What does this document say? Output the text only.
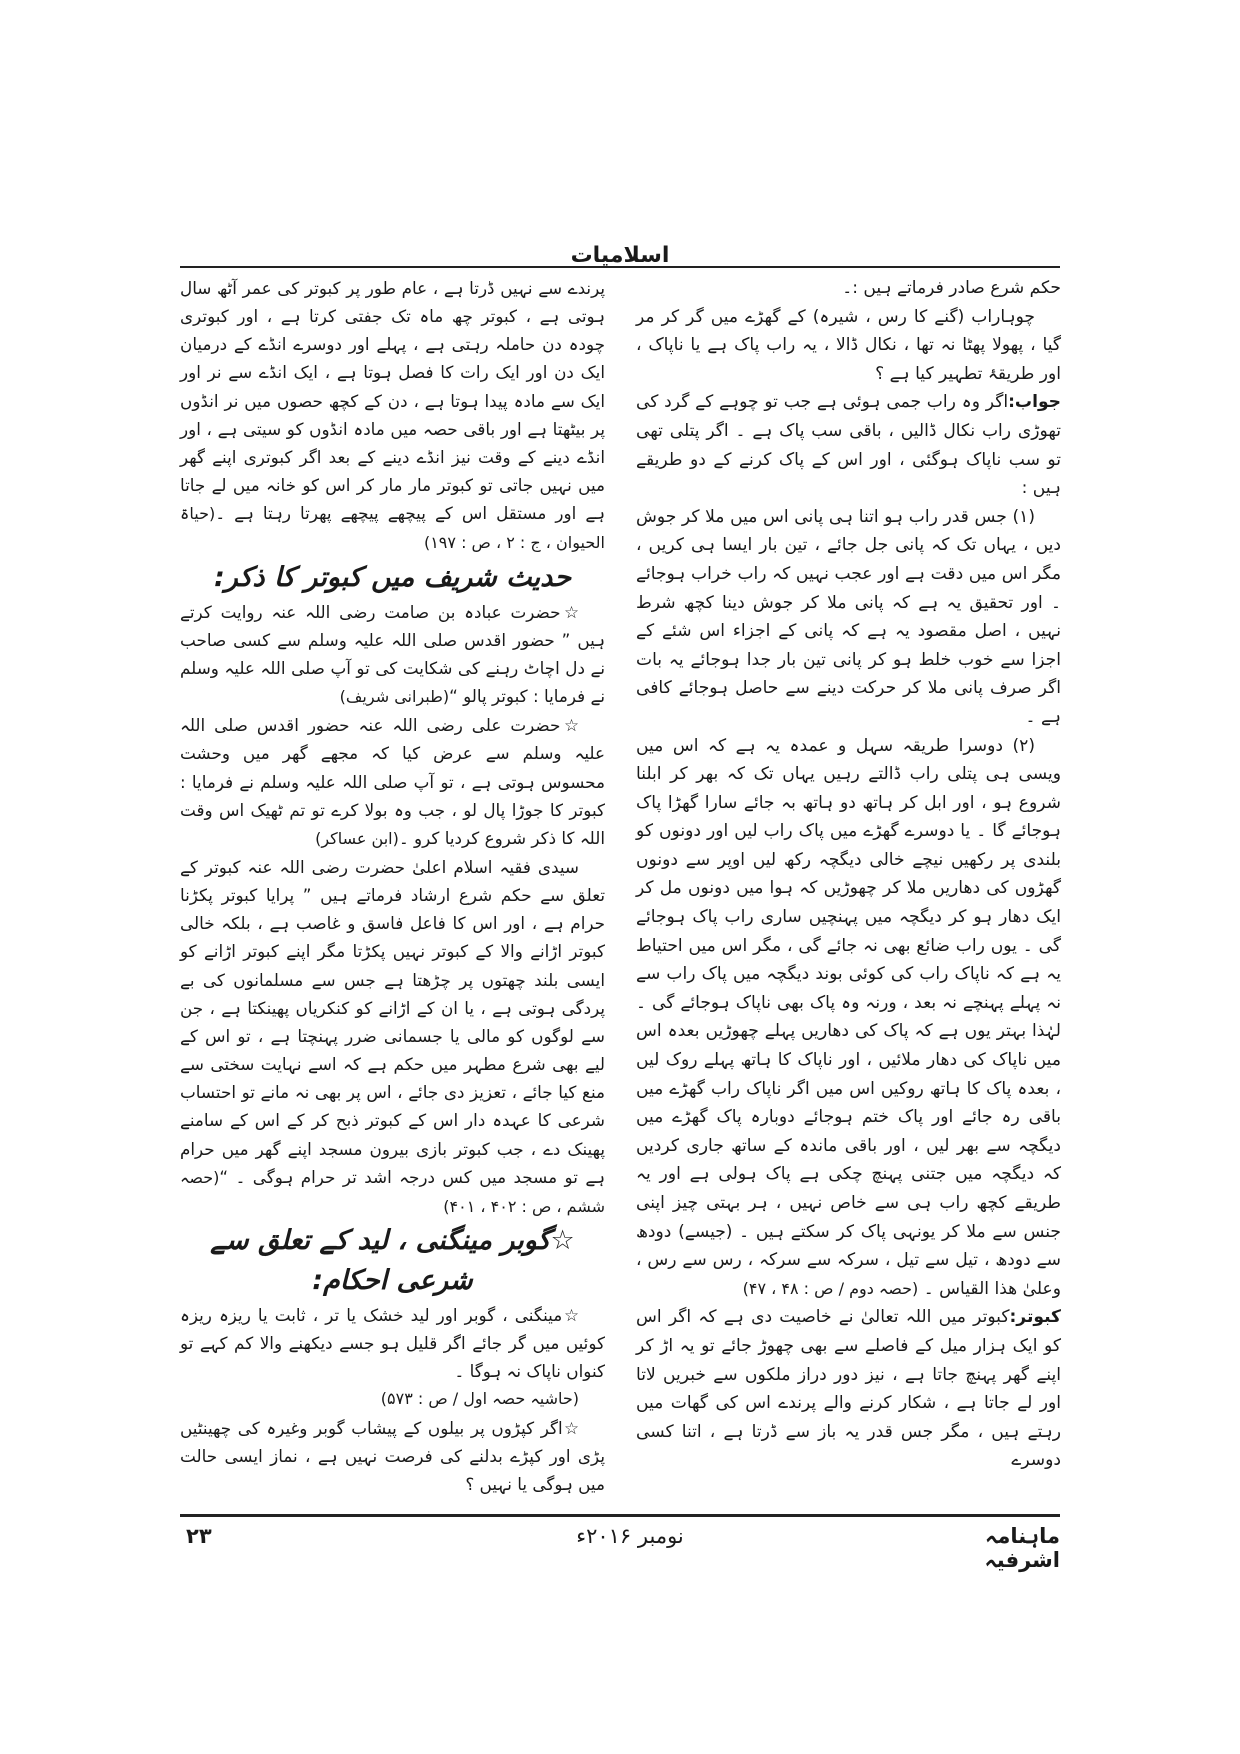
اسلامیات

حکم شرع صادر فرماتے ہیں :۔

چوہاراب (گنے کا رس ، شیرہ) کے گھڑے میں گر کر مر گیا ، پھولا پھٹا نہ تھا ، نکال ڈالا ، یہ راب پاک ہے یا ناپاک ، اور طریقۂ تطہیر کیا ہے ؟

جواب:اگر وہ راب جمی ہوئی ہے جب تو چوہے کے گرد کی تھوڑی راب نکال ڈالیں ، باقی سب پاک ہے ۔ اگر پتلی تھی تو سب ناپاک ہوگئی ، اور اس کے پاک کرنے کے دو طریقے ہیں :

(۱) جس قدر راب ہو اتنا ہی پانی اس میں ملا کر جوش دیں ، یہاں تک کہ پانی جل جائے ، تین بار ایسا ہی کریں ، مگر اس میں دقت ہے اور عجب نہیں کہ راب خراب ہوجائے ۔ اور تحقیق یہ ہے کہ پانی ملا کر جوش دینا کچھ شرط نہیں ، اصل مقصود یہ ہے کہ پانی کے اجزاء اس شئے کے اجزا سے خوب خلط ہو کر پانی تین بار جدا ہوجائے یہ بات اگر صرف پانی ملا کر حرکت دینے سے حاصل ہوجائے کافی ہے ۔

(۲) دوسرا طریقہ سہل و عمدہ یہ ہے کہ اس میں ویسی ہی پتلی راب ڈالتے رہیں یہاں تک کہ بھر کر ابلنا شروع ہو ، اور ابل کر ہاتھ دو ہاتھ بہ جائے سارا گھڑا پاک ہوجائے گا ۔ یا دوسرے گھڑے میں پاک راب لیں اور دونوں کو بلندی پر رکھیں نیچے خالی دیگچہ رکھ لیں اوپر سے دونوں گھڑوں کی دھاریں ملا کر چھوڑیں کہ ہوا میں دونوں مل کر ایک دھار ہو کر دیگچہ میں پہنچیں ساری راب پاک ہوجائے گی ۔ یوں راب ضائع بھی نہ جائے گی ، مگر اس میں احتیاط یہ ہے کہ ناپاک راب کی کوئی بوند دیگچہ میں پاک راب سے نہ پہلے پہنچے نہ بعد ، ورنہ وہ پاک بھی ناپاک ہوجائے گی ۔ لہٰذا بہتر یوں ہے کہ پاک کی دھاریں پہلے چھوڑیں بعدہ اس میں ناپاک کی دھار ملائیں ، اور ناپاک کا ہاتھ پہلے روک لیں ، بعدہ پاک کا ہاتھ روکیں اس میں اگر ناپاک راب گھڑے میں باقی رہ جائے اور پاک ختم ہوجائے دوبارہ پاک گھڑے میں دیگچہ سے بھر لیں ، اور باقی ماندہ کے ساتھ جاری کردیں کہ دیگچہ میں جتنی پہنچ چکی ہے پاک ہولی ہے اور یہ طریقے کچھ راب ہی سے خاص نہیں ، ہر بہتی چیز اپنی جنس سے ملا کر یونہی پاک کر سکتے ہیں ۔ (جیسے) دودھ سے دودھ ، تیل سے تیل ، سرکہ سے سرکہ ، رس سے رس ، وعلیٰ ھذا القیاس ۔ (حصہ دوم / ص : ۴۸ ، ۴۷)

کبوتر:کبوتر میں اللہ تعالیٰ نے خاصیت دی ہے کہ اگر اس کو ایک ہزار میل کے فاصلے سے بھی چھوڑ جائے تو یہ اڑ کر اپنے گھر پہنچ جاتا ہے ، نیز دور دراز ملکوں سے خبریں لاتا اور لے جاتا ہے ، شکار کرنے والے پرندے اس کی گھات میں رہتے ہیں ، مگر جس قدر یہ باز سے ڈرتا ہے ، اتنا کسی دوسرے

پرندے سے نہیں ڈرتا ہے ، عام طور پر کبوتر کی عمر آٹھ سال ہوتی ہے ، کبوتر چھ ماہ تک جفتی کرتا ہے ، اور کبوتری چودہ دن حاملہ رہتی ہے ، پہلے اور دوسرے انڈے کے درمیان ایک دن اور ایک رات کا فصل ہوتا ہے ، ایک انڈے سے نر اور ایک سے مادہ پیدا ہوتا ہے ، دن کے کچھ حصوں میں نر انڈوں پر بیٹھتا ہے اور باقی حصہ میں مادہ انڈوں کو سیتی ہے ، اور انڈے دینے کے وقت نیز انڈے دینے کے بعد اگر کبوتری اپنے گھر میں نہیں جاتی تو کبوتر مار مار کر اس کو خانہ میں لے جاتا ہے اور مستقل اس کے پیچھے پیچھے پھرتا رہتا ہے ۔(حیاۃ الحیوان ، ج : ۲ ، ص : ۱۹۷)

حدیث شریف میں کبوتر کا ذکر:

☆حضرت عبادہ بن صامت رضی اللہ عنہ روایت کرتے ہیں ” حضور اقدس صلی اللہ علیہ وسلم سے کسی صاحب نے دل اچاٹ رہنے کی شکایت کی تو آپ صلی اللہ علیہ وسلم نے فرمایا : کبوتر پالو “(طبرانی شریف)

☆حضرت علی رضی اللہ عنہ حضور اقدس صلی اللہ علیہ وسلم سے عرض کیا کہ مجھے گھر میں وحشت محسوس ہوتی ہے ، تو آپ صلی اللہ علیہ وسلم نے فرمایا : کبوتر کا جوڑا پال لو ، جب وہ بولا کرے تو تم ٹھیک اس وقت اللہ کا ذکر شروع کردیا کرو ۔(ابن عساکر)

سیدی فقیہ اسلام اعلیٰ حضرت رضی اللہ عنہ کبوتر کے تعلق سے حکم شرع ارشاد فرماتے ہیں ” پرایا کبوتر پکڑنا حرام ہے ، اور اس کا فاعل فاسق و غاصب ہے ، بلکہ خالی کبوتر اڑانے والا کے کبوتر نہیں پکڑتا مگر اپنے کبوتر اڑانے کو ایسی بلند چھتوں پر چڑھتا ہے جس سے مسلمانوں کی بے پردگی ہوتی ہے ، یا ان کے اڑانے کو کنکریاں پھینکتا ہے ، جن سے لوگوں کو مالی یا جسمانی ضرر پہنچتا ہے ، تو اس کے لیے بھی شرع مطہر میں حکم ہے کہ اسے نہایت سختی سے منع کیا جائے ، تعزیز دی جائے ، اس پر بھی نہ مانے تو احتساب شرعی کا عہدہ دار اس کے کبوتر ذبح کر کے اس کے سامنے پھینک دے ، جب کبوتر بازی بیرون مسجد اپنے گھر میں حرام ہے تو مسجد میں کس درجہ اشد تر حرام ہوگی ۔ “(حصہ ششم ، ص : ۴۰۲ ، ۴۰۱)

☆گوبر مینگنی ، لید کے تعلق سے شرعی احکام:

☆مینگنی ، گوبر اور لید خشک یا تر ، ثابت یا ریزہ ریزہ کوئیں میں گر جائے اگر قلیل ہو جسے دیکھنے والا کم کہے تو کنواں ناپاک نہ ہوگا ۔

(حاشیہ حصہ اول / ص : ۵۷۳)

☆اگر کپڑوں پر بیلوں کے پیشاب گوبر وغیرہ کی چھینٹیں پڑی اور کپڑے بدلنے کی فرصت نہیں ہے ، نماز ایسی حالت میں ہوگی یا نہیں ؟

۲۳	نومبر ۲۰۱۶ء	ماہنامہ اشرفیہ
